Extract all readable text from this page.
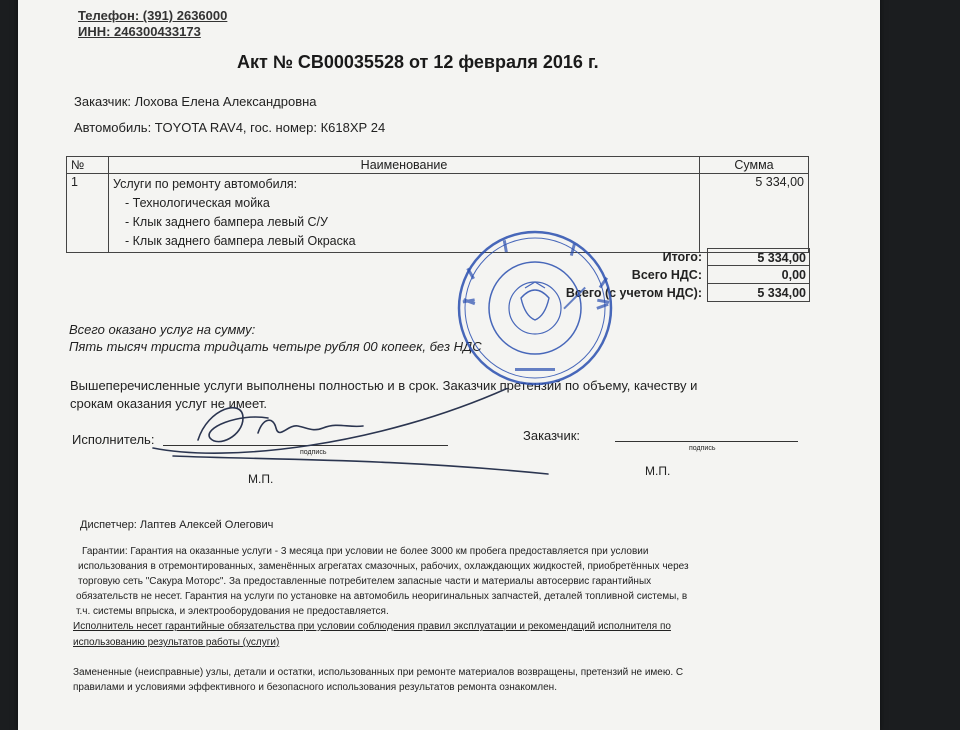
Телефон: (391) 2636000
ИНН: 246300433173
Акт № СВ00035528 от 12 февраля 2016 г.
Заказчик: Лохова Елена Александровна
Автомобиль: TOYOTA RAV4, гос. номер: К618ХР 24
№	Наименование	Сумма
1	Услуги по ремонту автомобиля:
- Технологическая мойка
- Клык заднего бампера левый С/У
- Клык заднего бампера левый Окраска	5 334,00
Итого:	5 334,00
Всего НДС:	0,00
Всего (с учетом НДС):	5 334,00
Всего оказано услуг на сумму:
Пять тысяч триста тридцать четыре рубля 00 копеек, без НДС
Вышеперечисленные услуги выполнены полностью и в срок. Заказчик претензий по объему, качеству и
срокам оказания услуг не имеет.
Исполнитель:
подпись
Заказчик:
подпись
М.П.
М.П.
Диспетчер: Лаптев Алексей Олегович
Гарантии: Гарантия на оказанные услуги - 3 месяца при условии не более 3000 км пробега предоставляется при условии
использования в отремонтированных, заменённых агрегатах смазочных, рабочих, охлаждающих жидкостей, приобретённых через
торговую сеть "Сакура Моторс". За предоставленные потребителем запасные части и материалы автосервис гарантийных
обязательств не несет. Гарантия на услуги по установке на автомобиль неоригинальных запчастей, деталей топливной системы, в
т.ч. системы впрыска, и электрооборудования не предоставляется.
Исполнитель несет гарантийные обязательства при условии соблюдения правил эксплуатации и рекомендаций исполнителя по
использованию результатов работы (услуги)
Замененные (неисправные) узлы, детали и остатки, использованных при ремонте материалов возвращены, претензий не имею. С
правилами и условиями эффективного и безопасного использования результатов ремонта ознакомлен.
